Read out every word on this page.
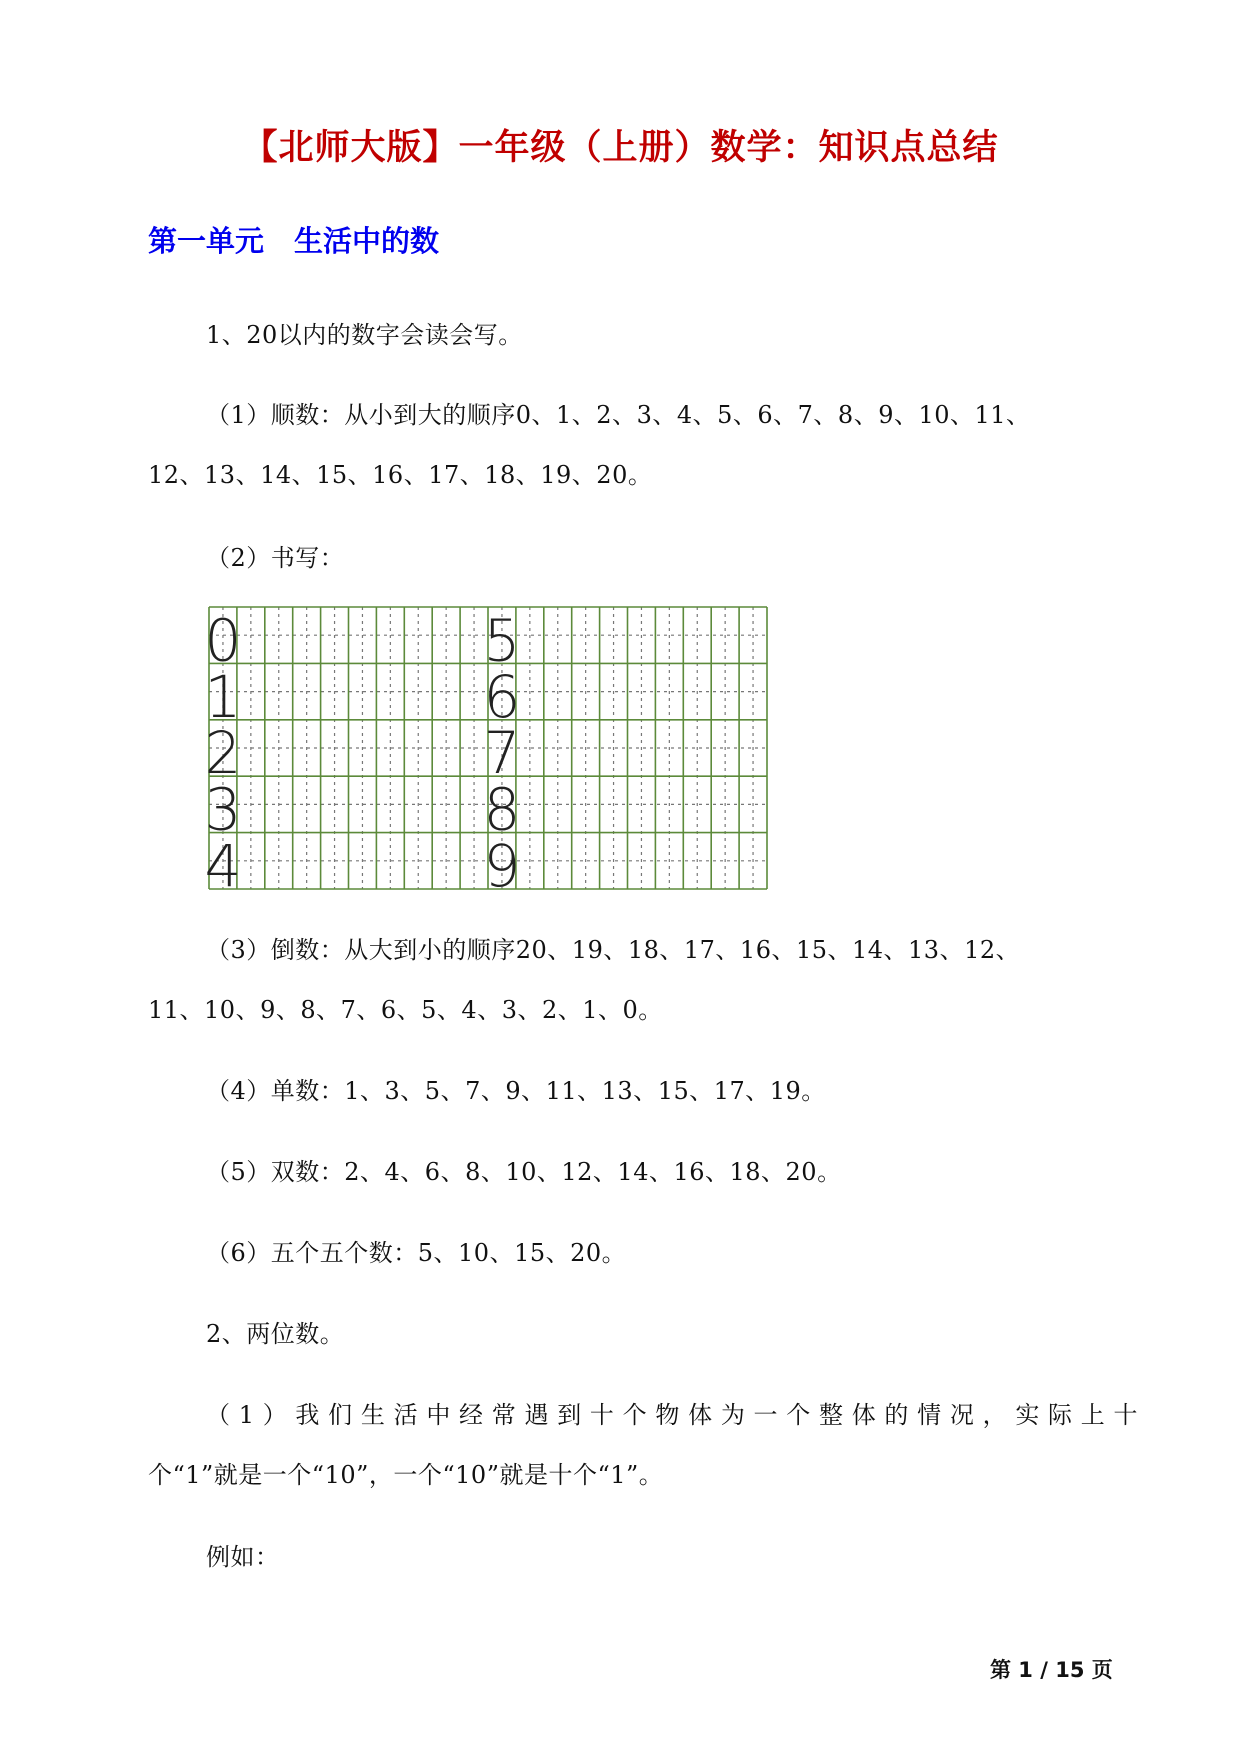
【北师大版】一年级（上册）数学：知识点总结
第一单元 生活中的数
1、20以内的数字会读会写。
（1）顺数：从小到大的顺序0、1、2、3、4、5、6、7、8、9、10、11、
12、13、14、15、16、17、18、19、20。
（2）书写：
0
1
2
3
4
5
6
7
8
9
（3）倒数：从大到小的顺序20、19、18、17、16、15、14、13、12、
11、10、9、8、7、6、5、4、3、2、1、0。
（4）单数：1、3、5、7、9、11、13、15、17、19。
（5）双数：2、4、6、8、10、12、14、16、18、20。
（6）五个五个数：5、10、15、20。
2、两位数。
（1）我们生活中经常遇到十个物体为一个整体的情况，实际上十
个“1”就是一个“10”，一个“10”就是十个“1”。
例如：
第 1 / 15 页
